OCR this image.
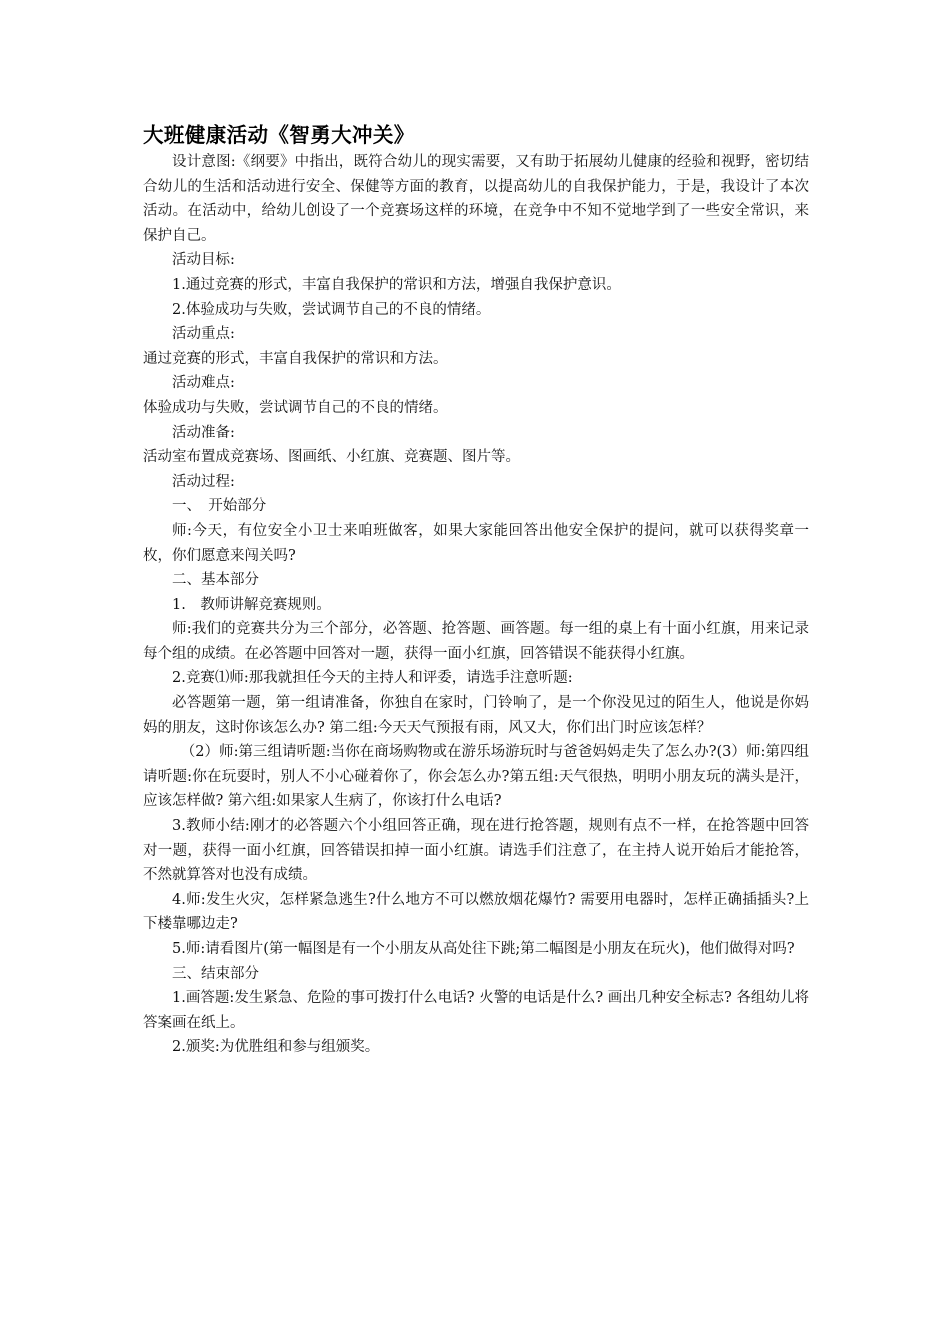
大班健康活动《智勇大冲关》

设计意图:《纲要》中指出，既符合幼儿的现实需要，又有助于拓展幼儿健康的经验和视野，密切结合幼儿的生活和活动进行安全、保健等方面的教育，以提高幼儿的自我保护能力，于是，我设计了本次活动。在活动中，给幼儿创设了一个竞赛场这样的环境，在竞争中不知不觉地学到了一些安全常识，来保护自己。

活动目标:

1.通过竞赛的形式，丰富自我保护的常识和方法，增强自我保护意识。

2.体验成功与失败，尝试调节自己的不良的情绪。

活动重点:

通过竞赛的形式，丰富自我保护的常识和方法。

活动难点:

体验成功与失败，尝试调节自己的不良的情绪。

活动准备:

活动室布置成竞赛场、图画纸、小红旗、竞赛题、图片等。

活动过程:

一、　开始部分

师:今天，有位安全小卫士来咱班做客，如果大家能回答出他安全保护的提问，就可以获得奖章一枚，你们愿意来闯关吗?

二、基本部分

1.　教师讲解竞赛规则。

师:我们的竞赛共分为三个部分，必答题、抢答题、画答题。每一组的桌上有十面小红旗，用来记录每个组的成绩。在必答题中回答对一题，获得一面小红旗，回答错误不能获得小红旗。

2.竞赛⑴师:那我就担任今天的主持人和评委，请选手注意听题:

必答题第一题，第一组请准备，你独自在家时，门铃响了，是一个你没见过的陌生人，他说是你妈妈的朋友，这时你该怎么办? 第二组:今天天气预报有雨，风又大，你们出门时应该怎样？

（2）师:第三组请听题:当你在商场购物或在游乐场游玩时与爸爸妈妈走失了怎么办?(3）师:第四组请听题:你在玩耍时，别人不小心碰着你了，你会怎么办?第五组:天气很热，明明小朋友玩的满头是汗，应该怎样做? 第六组:如果家人生病了，你该打什么电话?

3.教师小结:刚才的必答题六个小组回答正确，现在进行抢答题，规则有点不一样，在抢答题中回答对一题，获得一面小红旗，回答错误扣掉一面小红旗。请选手们注意了，在主持人说开始后才能抢答，不然就算答对也没有成绩。

4.师:发生火灾，怎样紧急逃生?什么地方不可以燃放烟花爆竹? 需要用电器时，怎样正确插插头?上下楼靠哪边走?

5.师:请看图片(第一幅图是有一个小朋友从高处往下跳;第二幅图是小朋友在玩火)，他们做得对吗?

三、结束部分

1.画答题:发生紧急、危险的事可拨打什么电话? 火警的电话是什么? 画出几种安全标志? 各组幼儿将答案画在纸上。

2.颁奖:为优胜组和参与组颁奖。
